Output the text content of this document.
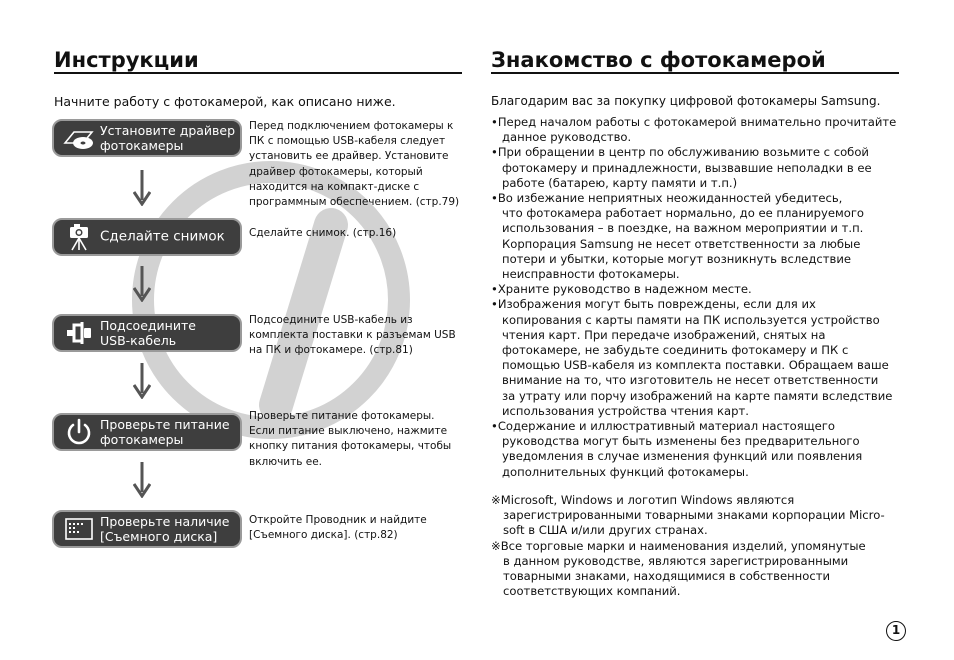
Инструкции

Начните работу с фотокамерой, как описано ниже.

Установите драйвер
фотокамеры

Перед подключением фотокамеры к
ПК с помощью USB-кабеля следует
установить ее драйвер. Установите
драйвер фотокамеры, который
находится на компакт-диске с
программным обеспечением. (стр.79)

Сделайте снимок Сделайте снимок. (стр.16)

Подсоедините
USB-кабель

Подсоедините USB-кабель из
комплекта поставки к разъемам USB
на ПК и фотокамере. (стр.81)

Проверьте питание
фотокамеры

Проверьте питание фотокамеры.
Если питание выключено, нажмите
кнопку питания фотокамеры, чтобы
включить ее.

Проверьте наличие
[Съемного диска]

Откройте Проводник и найдите
[Съемного диска]. (стр.82)

Знакомство с фотокамерой

Благодарим вас за покупку цифровой фотокамеры Samsung.

•Перед началом работы с фотокамерой внимательно прочитайте
данное руководство.
•При обращении в центр по обслуживанию возьмите с собой
фотокамеру и принадлежности, вызвавшие неполадки в ее
работе (батарею, карту памяти и т.п.)
•Во избежание неприятных неожиданностей убедитесь,
что фотокамера работает нормально, до ее планируемого
использования – в поездке, на важном мероприятии и т.п.
Корпорация Samsung не несет ответственности за любые
потери и убытки, которые могут возникнуть вследствие
неисправности фотокамеры.
•Храните руководство в надежном месте.
•Изображения могут быть повреждены, если для их
копирования с карты памяти на ПК используется устройство
чтения карт. При передаче изображений, снятых на
фотокамере, не забудьте соединить фотокамеру и ПК с
помощью USB-кабеля из комплекта поставки. Обращаем ваше
внимание на то, что изготовитель не несет ответственности
за утрату или порчу изображений на карте памяти вследствие
использования устройства чтения карт.
•Содержание и иллюстративный материал настоящего
руководства могут быть изменены без предварительного
уведомления в случае изменения функций или появления
дополнительных функций фотокамеры.
※Microsoft, Windows и логотип Windows являются
зарегистрированными товарными знаками корпорации Micro-
soft в США и/или других странах.
※Все торговые марки и наименования изделий, упомянутые
в данном руководстве, являются зарегистрированными
товарными знаками, находящимися в собственности
соответствующих компаний.
1
